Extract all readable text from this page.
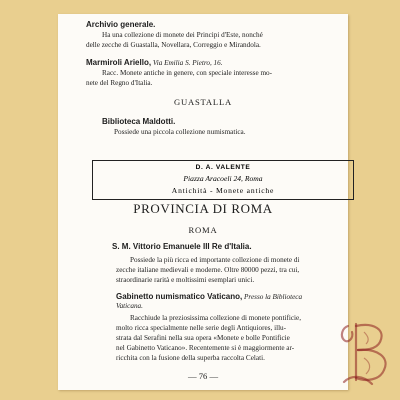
Archivio generale.
Ha una collezione di monete dei Principi d'Este, nonché
delle zecche di Guastalla, Novellara, Correggio e Mirandola.
Marmiroli Ariello, Via Emilia S. Pietro, 16.
Racc. Monete antiche in genere, con speciale interesse mo-
nete del Regno d'Italia.
GUASTALLA
Biblioteca Maldotti.
Possiede una piccola collezione numismatica.
PROVINCIA DI ROMA
ROMA
S. M. Vittorio Emanuele III Re d'Italia.
Possiede la più ricca ed importante collezione di monete di
zecche italiane medievali e moderne. Oltre 80000 pezzi, tra cui,
straordinarie rarità e moltissimi esemplari unici.
Gabinetto numismatico Vaticano, Presso la Biblioteca
Vaticana.
Racchiude la preziosissima collezione di monete pontificie,
molto ricca specialmente nelle serie degli Antiquiores, illu-
strata dal Serafini nella sua opera «Monete e bolle Pontificie
nel Gabinetto Vaticano». Recentemente si è maggiormente ar-
ricchita con la fusione della superba raccolta Celati.
— 76 —
D. A. VALENTE
Piazza Aracoeli 24, Roma
Antichità - Monete antiche
